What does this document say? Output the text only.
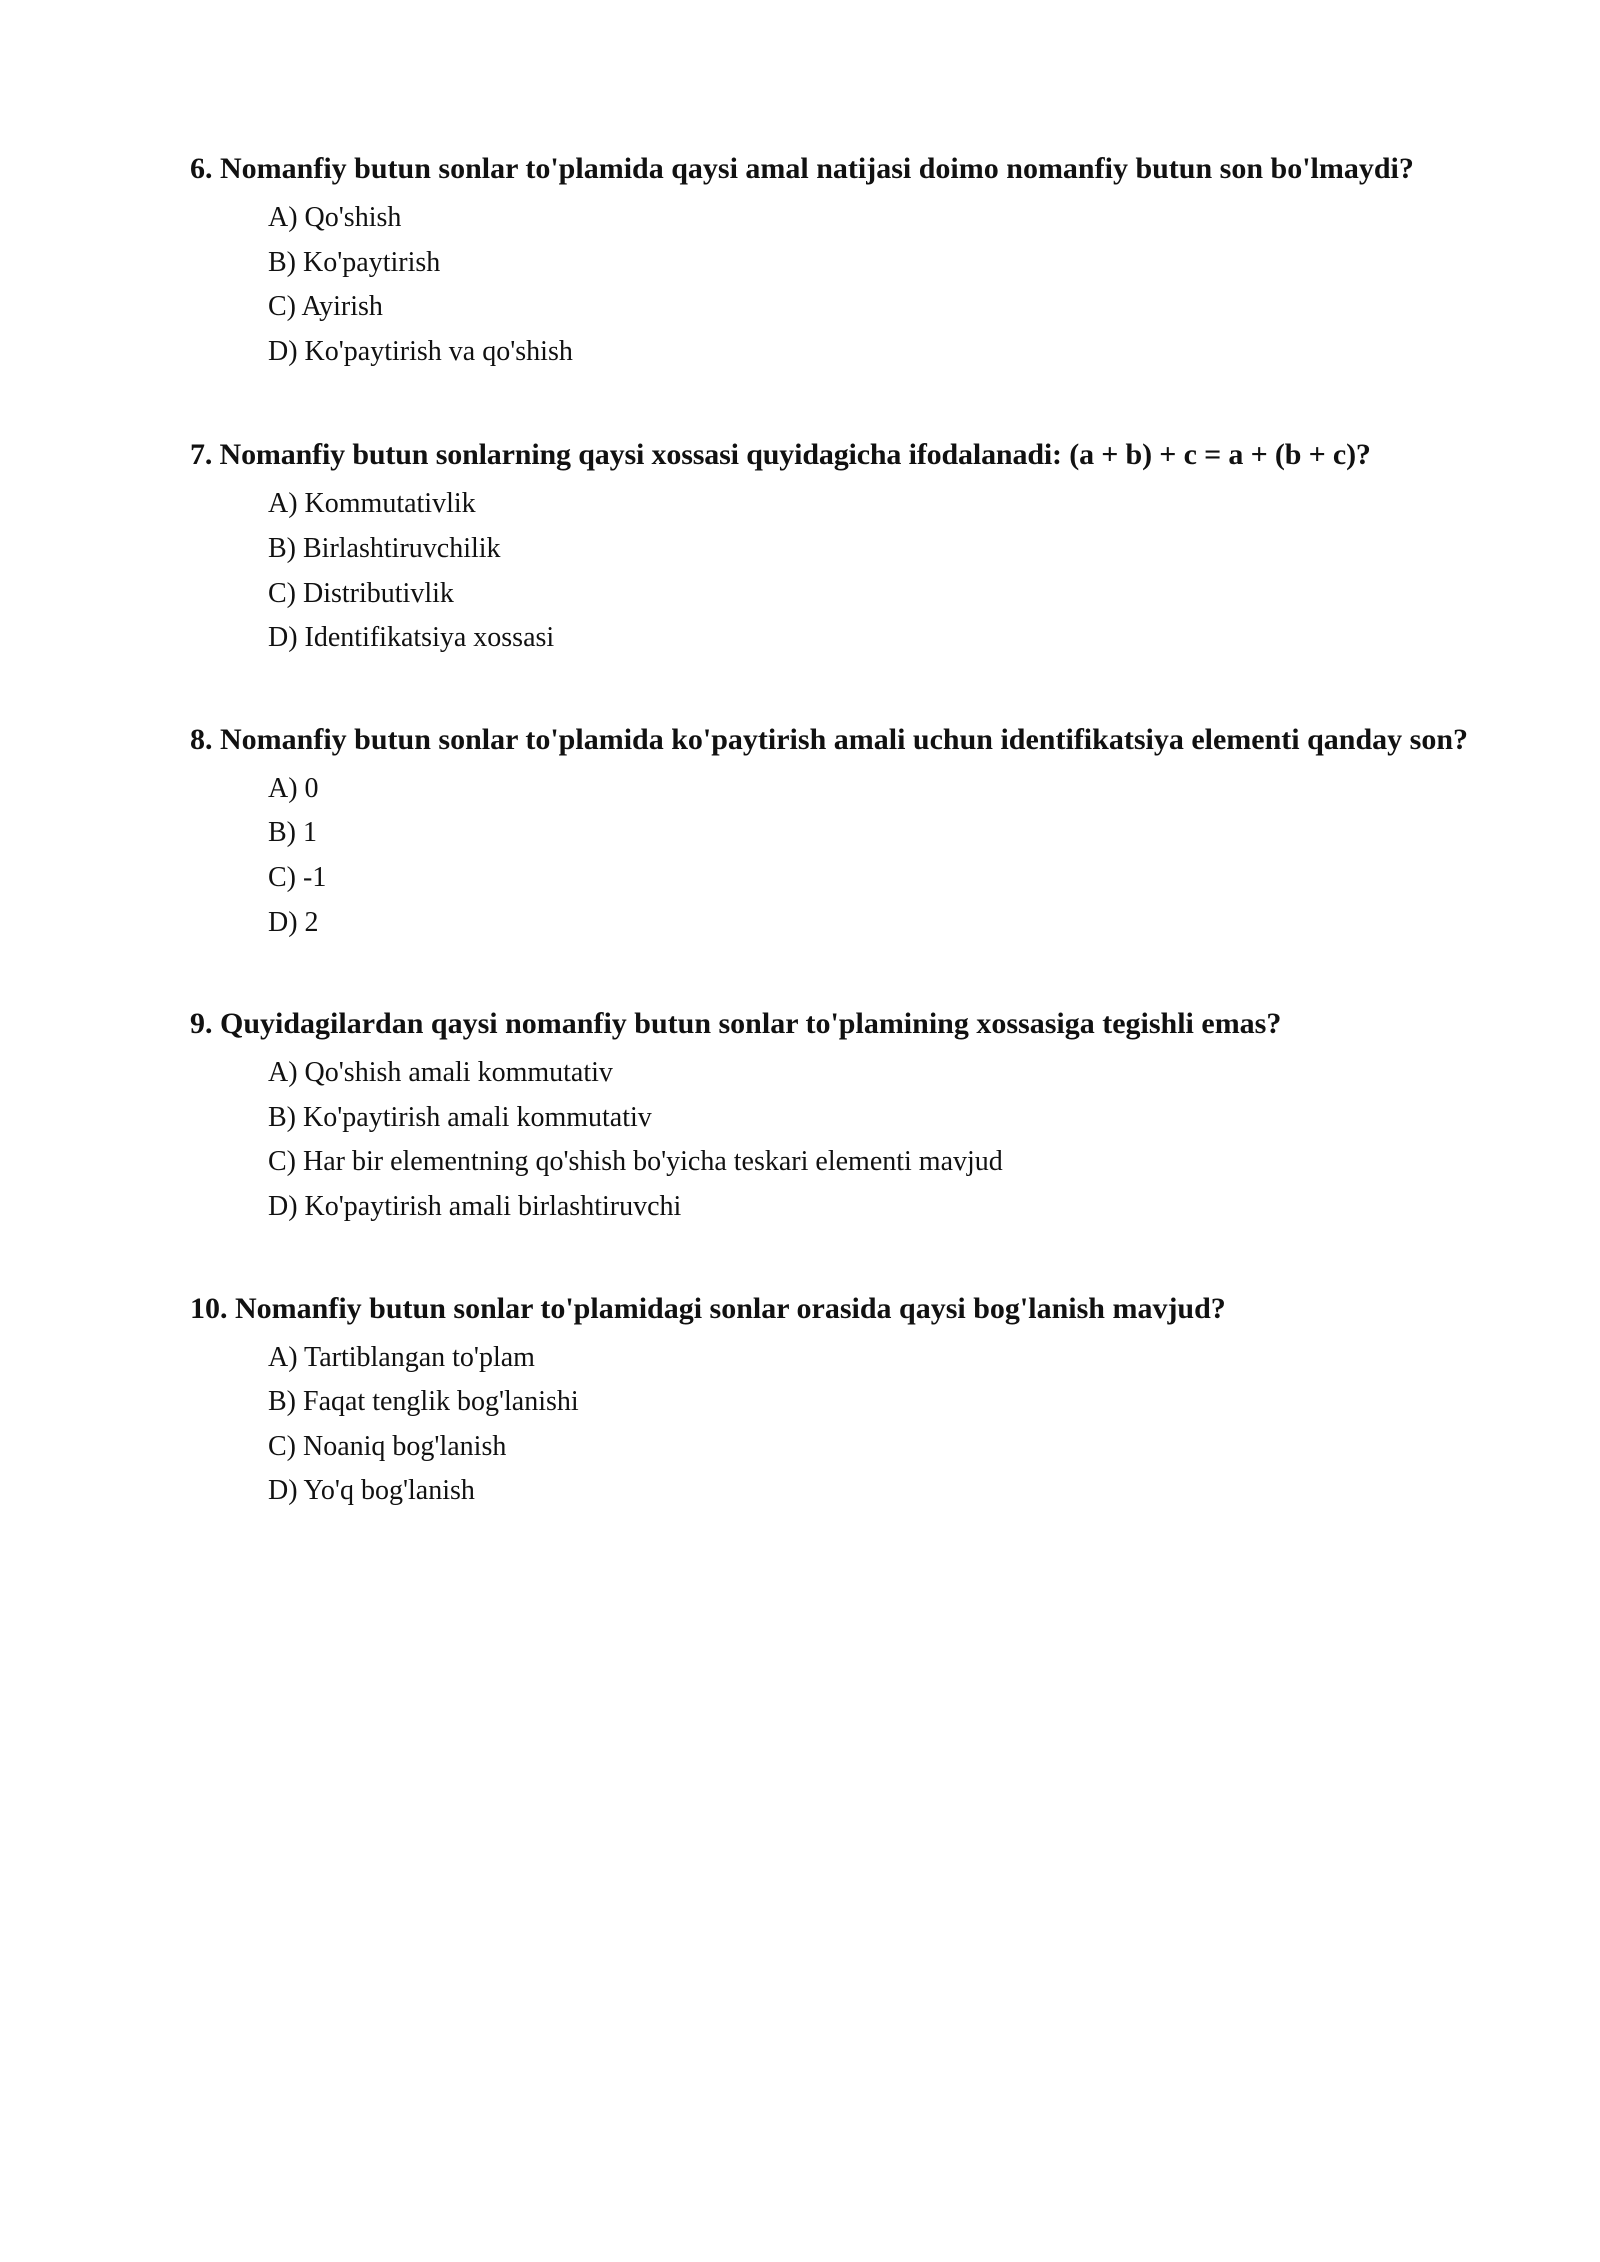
6. Nomanfiy butun sonlar to'plamida qaysi amal natijasi doimo nomanfiy butun son bo'lmaydi?

A) Qo'shish
B) Ko'paytirish
C) Ayirish
D) Ko'paytirish va qo'shish

7. Nomanfiy butun sonlarning qaysi xossasi quyidagicha ifodalanadi: (a + b) + c = a + (b + c)?

A) Kommutativlik
B) Birlashtiruvchilik
C) Distributivlik
D) Identifikatsiya xossasi

8. Nomanfiy butun sonlar to'plamida ko'paytirish amali uchun identifikatsiya elementi qanday son?

A) 0
B) 1
C) -1
D) 2

9. Quyidagilardan qaysi nomanfiy butun sonlar to'plamining xossasiga tegishli emas?

A) Qo'shish amali kommutativ
B) Ko'paytirish amali kommutativ
C) Har bir elementning qo'shish bo'yicha teskari elementi mavjud
D) Ko'paytirish amali birlashtiruvchi

10. Nomanfiy butun sonlar to'plamidagi sonlar orasida qaysi bog'lanish mavjud?

A) Tartiblangan to'plam
B) Faqat tenglik bog'lanishi
C) Noaniq bog'lanish
D) Yo'q bog'lanish
